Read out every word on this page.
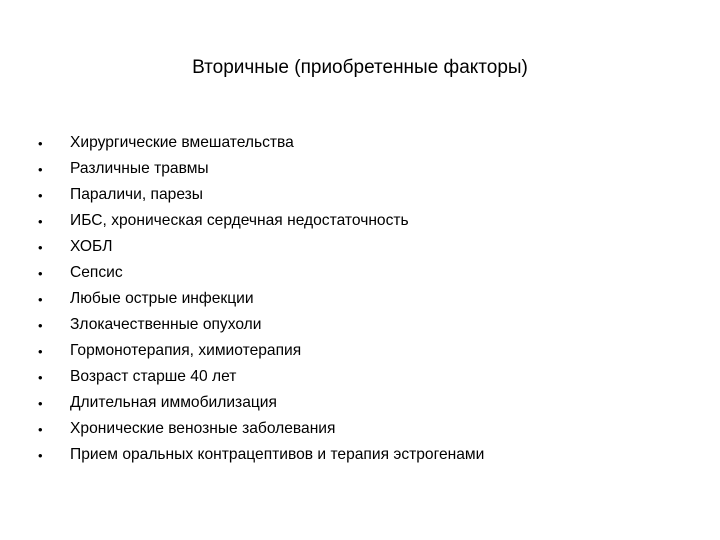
Вторичные (приобретенные факторы)
•	Хирургические вмешательства
•	Различные травмы
•	Параличи, парезы
•	ИБС, хроническая сердечная недостаточность
•	ХОБЛ
•	Сепсис
•	Любые острые инфекции
•	Злокачественные опухоли
•	Гормонотерапия, химиотерапия
•	Возраст старше 40 лет
•	Длительная иммобилизация
•	Хронические венозные заболевания
•	Прием оральных контрацептивов и терапия эстрогенами
